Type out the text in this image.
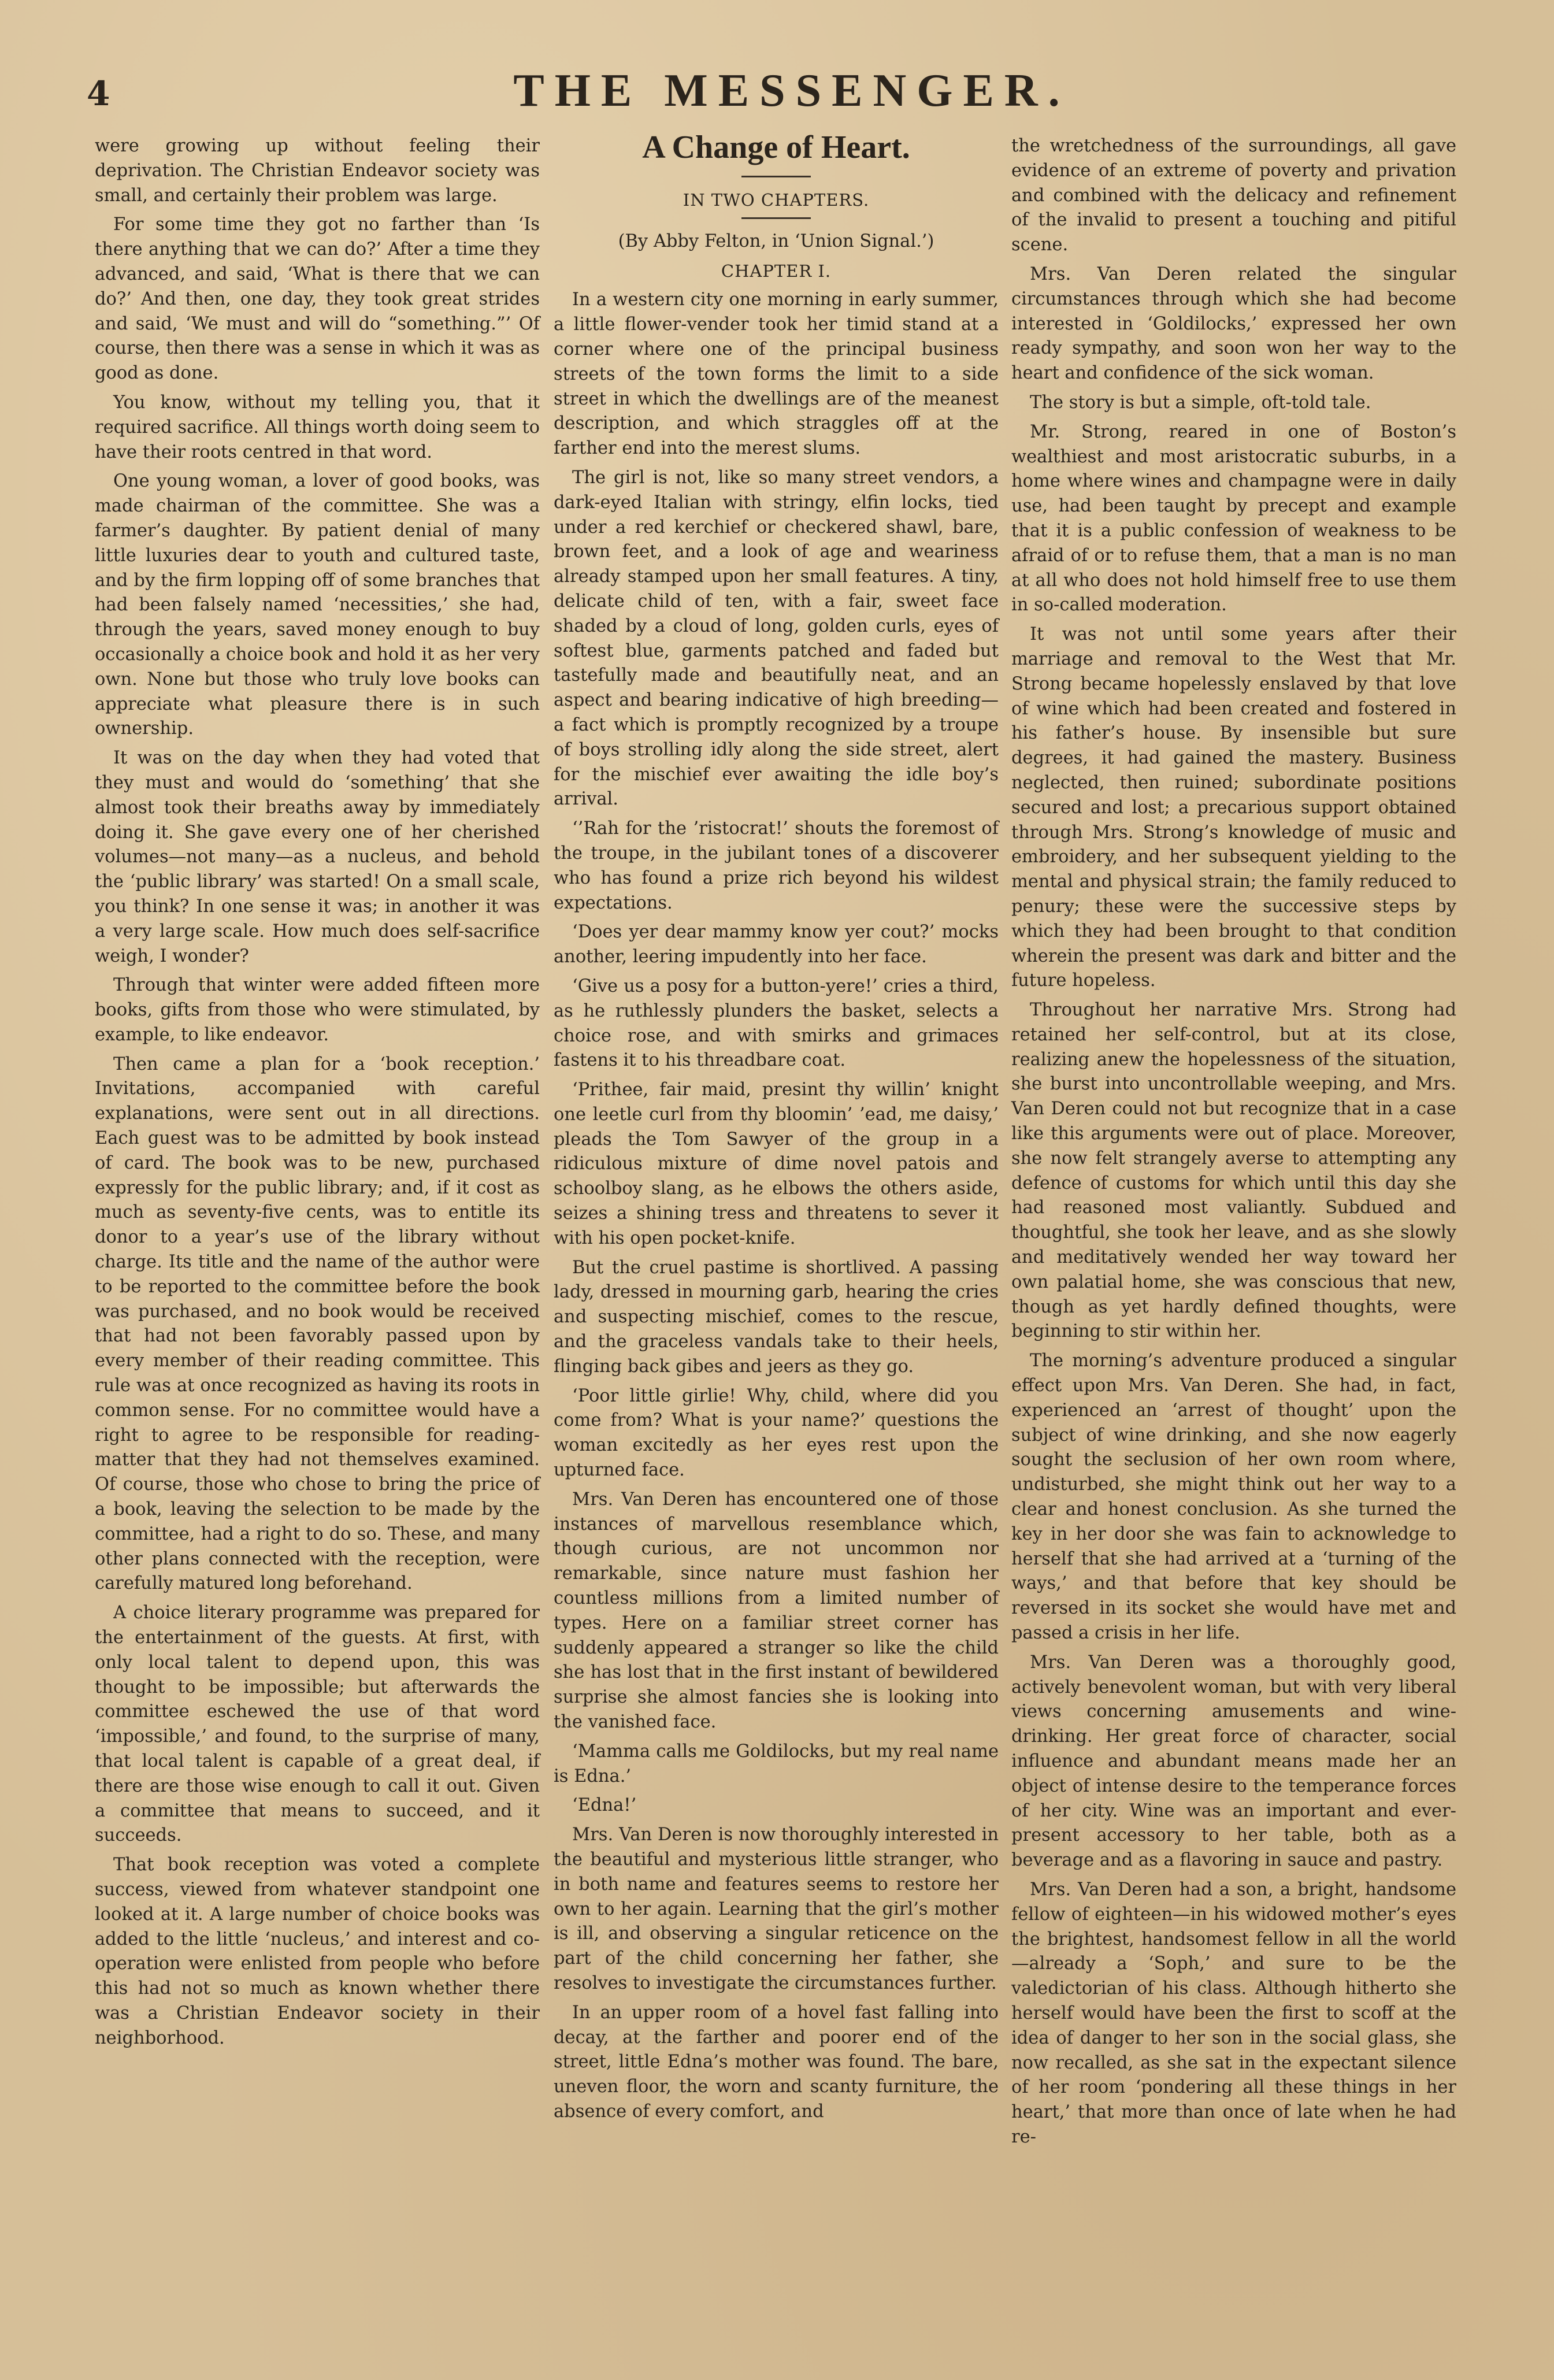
4	THE MESSENGER.

were growing up without feeling their deprivation. The Christian Endeavor society was small, and certainly their problem was large.

For some time they got no farther than ‘Is there anything that we can do?’ After a time they advanced, and said, ‘What is there that we can do?’ And then, one day, they took great strides and said, ‘We must and will do “something.”’ Of course, then there was a sense in which it was as good as done.

You know, without my telling you, that it required sacrifice. All things worth doing seem to have their roots centred in that word.

One young woman, a lover of good books, was made chairman of the committee. She was a farmer’s daughter. By patient denial of many little luxuries dear to youth and cultured taste, and by the firm lopping off of some branches that had been falsely named ‘necessities,’ she had, through the years, saved money enough to buy occasionally a choice book and hold it as her very own. None but those who truly love books can appreciate what pleasure there is in such ownership.

It was on the day when they had voted that they must and would do ‘something’ that she almost took their breaths away by immediately doing it. She gave every one of her cherished volumes—not many—as a nucleus, and behold the ‘public library’ was started! On a small scale, you think? In one sense it was; in another it was a very large scale. How much does self-sacrifice weigh, I wonder?

Through that winter were added fifteen more books, gifts from those who were stimulated, by example, to like endeavor.

Then came a plan for a ‘book reception.’ Invitations, accompanied with careful explanations, were sent out in all directions. Each guest was to be admitted by book instead of card. The book was to be new, purchased expressly for the public library; and, if it cost as much as seventy-five cents, was to entitle its donor to a year’s use of the library without charge. Its title and the name of the author were to be reported to the committee before the book was purchased, and no book would be received that had not been favorably passed upon by every member of their reading committee. This rule was at once recognized as having its roots in common sense. For no committee would have a right to agree to be responsible for reading-matter that they had not themselves examined. Of course, those who chose to bring the price of a book, leaving the selection to be made by the committee, had a right to do so. These, and many other plans connected with the reception, were carefully matured long beforehand.

A choice literary programme was prepared for the entertainment of the guests. At first, with only local talent to depend upon, this was thought to be impossible; but afterwards the committee eschewed the use of that word ‘impossible,’ and found, to the surprise of many, that local talent is capable of a great deal, if there are those wise enough to call it out. Given a committee that means to succeed, and it succeeds.

That book reception was voted a complete success, viewed from whatever standpoint one looked at it. A large number of choice books was added to the little ‘nucleus,’ and interest and co-operation were enlisted from people who before this had not so much as known whether there was a Christian Endeavor society in their neighborhood.

A Change of Heart.

IN TWO CHAPTERS.

(By Abby Felton, in ‘Union Signal.’)

CHAPTER I.

In a western city one morning in early summer, a little flower-vender took her timid stand at a corner where one of the principal business streets of the town forms the limit to a side street in which the dwellings are of the meanest description, and which straggles off at the farther end into the merest slums.

The girl is not, like so many street vendors, a dark-eyed Italian with stringy, elfin locks, tied under a red kerchief or checkered shawl, bare, brown feet, and a look of age and weariness already stamped upon her small features. A tiny, delicate child of ten, with a fair, sweet face shaded by a cloud of long, golden curls, eyes of softest blue, garments patched and faded but tastefully made and beautifully neat, and an aspect and bearing indicative of high breeding—a fact which is promptly recognized by a troupe of boys strolling idly along the side street, alert for the mischief ever awaiting the idle boy’s arrival.

‘’Rah for the ’ristocrat!’ shouts the foremost of the troupe, in the jubilant tones of a discoverer who has found a prize rich beyond his wildest expectations.

‘Does yer dear mammy know yer cout?’ mocks another, leering impudently into her face.

‘Give us a posy for a button-yere!’ cries a third, as he ruthlessly plunders the basket, selects a choice rose, and with smirks and grimaces fastens it to his threadbare coat.

‘Prithee, fair maid, presint thy willin’ knight one leetle curl from thy bloomin’ ’ead, me daisy,’ pleads the Tom Sawyer of the group in a ridiculous mixture of dime novel patois and schoolboy slang, as he elbows the others aside, seizes a shining tress and threatens to sever it with his open pocket-knife.

But the cruel pastime is shortlived. A passing lady, dressed in mourning garb, hearing the cries and suspecting mischief, comes to the rescue, and the graceless vandals take to their heels, flinging back gibes and jeers as they go.

‘Poor little girlie! Why, child, where did you come from? What is your name?’ questions the woman excitedly as her eyes rest upon the upturned face.

Mrs. Van Deren has encountered one of those instances of marvellous resemblance which, though curious, are not uncommon nor remarkable, since nature must fashion her countless millions from a limited number of types. Here on a familiar street corner has suddenly appeared a stranger so like the child she has lost that in the first instant of bewildered surprise she almost fancies she is looking into the vanished face.

‘Mamma calls me Goldilocks, but my real name is Edna.’

‘Edna!’

Mrs. Van Deren is now thoroughly interested in the beautiful and mysterious little stranger, who in both name and features seems to restore her own to her again. Learning that the girl’s mother is ill, and observing a singular reticence on the part of the child concerning her father, she resolves to investigate the circumstances further.

In an upper room of a hovel fast falling into decay, at the farther and poorer end of the street, little Edna’s mother was found. The bare, uneven floor, the worn and scanty furniture, the absence of every comfort, and

the wretchedness of the surroundings, all gave evidence of an extreme of poverty and privation and combined with the delicacy and refinement of the invalid to present a touching and pitiful scene.

Mrs. Van Deren related the singular circumstances through which she had become interested in ‘Goldilocks,’ expressed her own ready sympathy, and soon won her way to the heart and confidence of the sick woman.

The story is but a simple, oft-told tale.

Mr. Strong, reared in one of Boston’s wealthiest and most aristocratic suburbs, in a home where wines and champagne were in daily use, had been taught by precept and example that it is a public confession of weakness to be afraid of or to refuse them, that a man is no man at all who does not hold himself free to use them in so-called moderation.

It was not until some years after their marriage and removal to the West that Mr. Strong became hopelessly enslaved by that love of wine which had been created and fostered in his father’s house. By insensible but sure degrees, it had gained the mastery. Business neglected, then ruined; subordinate positions secured and lost; a precarious support obtained through Mrs. Strong’s knowledge of music and embroidery, and her subsequent yielding to the mental and physical strain; the family reduced to penury; these were the successive steps by which they had been brought to that condition wherein the present was dark and bitter and the future hopeless.

Throughout her narrative Mrs. Strong had retained her self-control, but at its close, realizing anew the hopelessness of the situation, she burst into uncontrollable weeping, and Mrs. Van Deren could not but recognize that in a case like this arguments were out of place. Moreover, she now felt strangely averse to attempting any defence of customs for which until this day she had reasoned most valiantly. Subdued and thoughtful, she took her leave, and as she slowly and meditatively wended her way toward her own palatial home, she was conscious that new, though as yet hardly defined thoughts, were beginning to stir within her.

The morning’s adventure produced a singular effect upon Mrs. Van Deren. She had, in fact, experienced an ‘arrest of thought’ upon the subject of wine drinking, and she now eagerly sought the seclusion of her own room where, undisturbed, she might think out her way to a clear and honest conclusion. As she turned the key in her door she was fain to acknowledge to herself that she had arrived at a ‘turning of the ways,’ and that before that key should be reversed in its socket she would have met and passed a crisis in her life.

Mrs. Van Deren was a thoroughly good, actively benevolent woman, but with very liberal views concerning amusements and wine-drinking. Her great force of character, social influence and abundant means made her an object of intense desire to the temperance forces of her city. Wine was an important and ever-present accessory to her table, both as a beverage and as a flavoring in sauce and pastry.

Mrs. Van Deren had a son, a bright, handsome fellow of eighteen—in his widowed mother’s eyes the brightest, handsomest fellow in all the world—already a ‘Soph,’ and sure to be the valedictorian of his class. Although hitherto she herself would have been the first to scoff at the idea of danger to her son in the social glass, she now recalled, as she sat in the expectant silence of her room ‘pondering all these things in her heart,’ that more than once of late when he had re-
